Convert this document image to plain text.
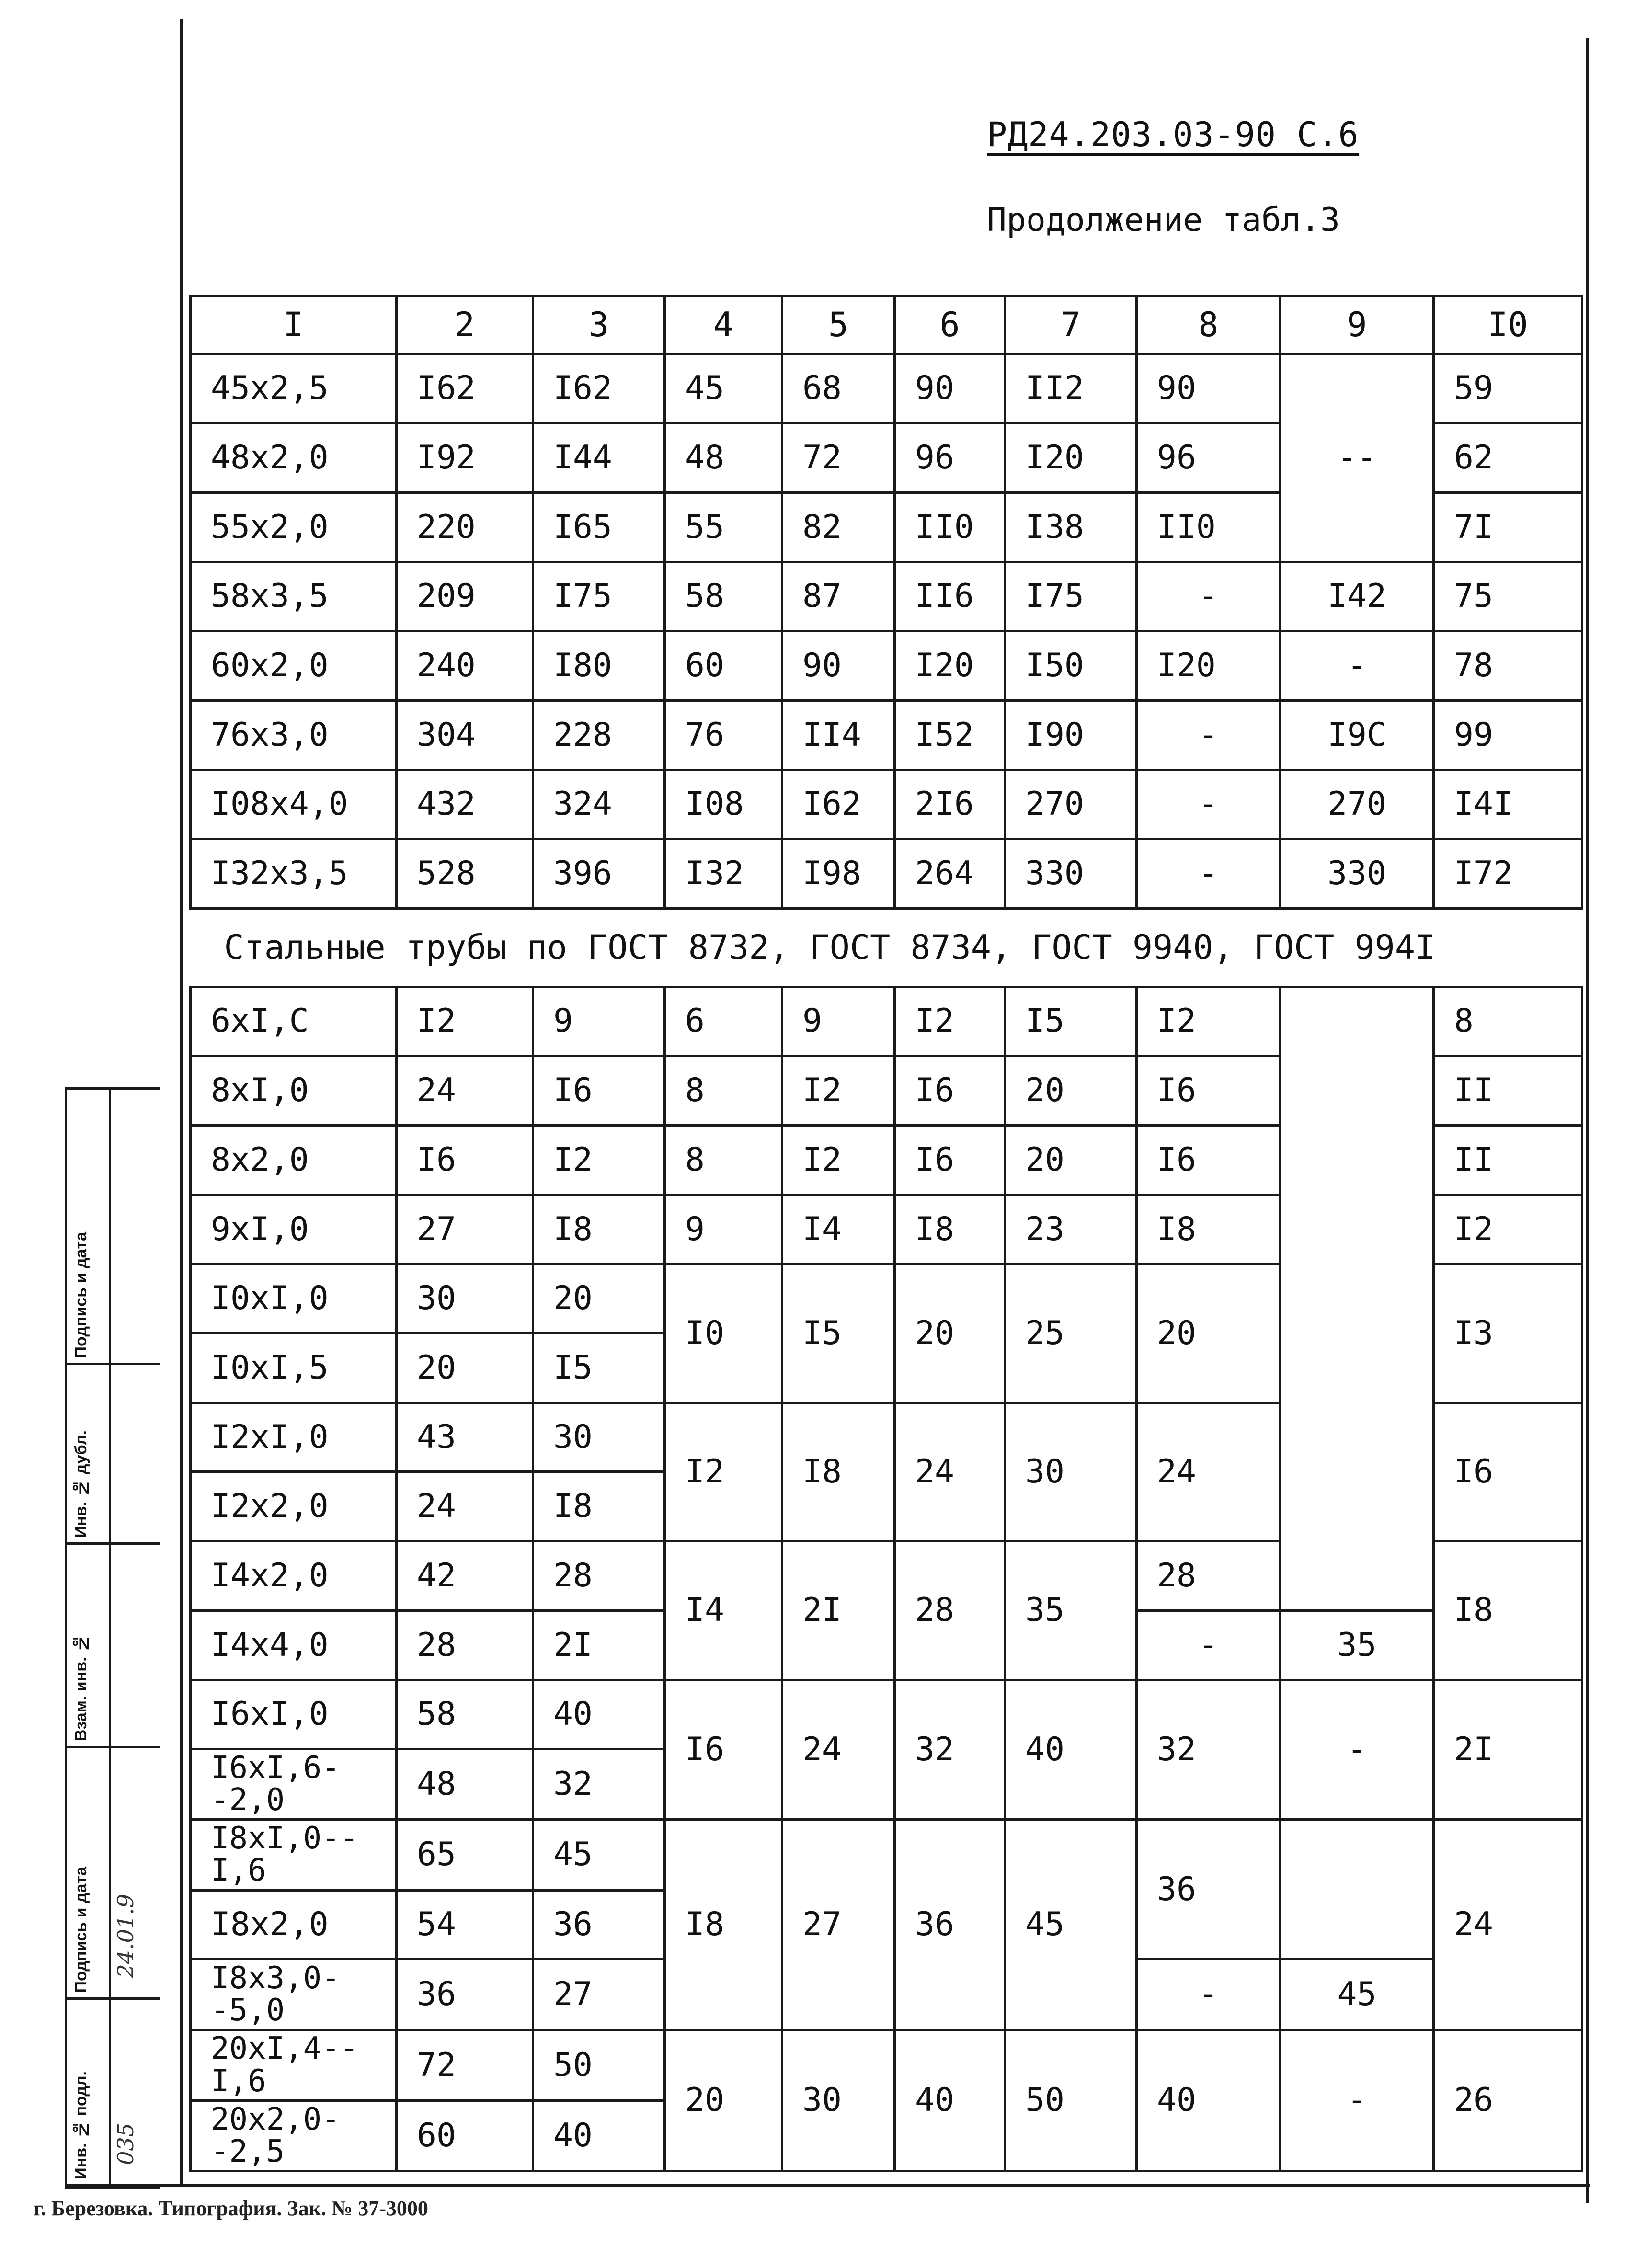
РД24.203.03-90 С.6
Продолжение табл.3
I	2	3	4	5	6	7	8	9	I0
45x2,5	I62	I62	45	68	90	II2	90	--	59
48x2,0	I92	I44	48	72	96	I20	96		62
55x2,0	220	I65	55	82	II0	I38	II0		7I
58x3,5	209	I75	58	87	II6	I75	-	I42	75
60x2,0	240	I80	60	90	I20	I50	I20	-	78
76x3,0	304	228	76	II4	I52	I90	-	I9C	99
I08x4,0	432	324	I08	I62	2I6	270	-	270	I4I
I32x3,5	528	396	I32	I98	264	330	-	330	I72
Стальные трубы по ГОСТ 8732, ГОСТ 8734, ГОСТ 9940, ГОСТ 994I									
6xI,C	I2	9	6	9	I2	I5	I2		8
8xI,0	24	I6	8	I2	I6	20	I6		II
8x2,0	I6	I2	8	I2	I6	20	I6		II
9xI,0	27	I8	9	I4	I8	23	I8		I2
I0xI,0	30	20	I0	I5	20	25	20		I3
I0xI,5	20	I5							
I2xI,0	43	30	I2	I8	24	30	24		I6
I2x2,0	24	I8							
I4x2,0	42	28	I4	2I	28	35	28		I8
I4x4,0	28	2I					-	35	
I6xI,0	58	40	I6	24	32	40	32	-	2I
I6xI,6--2,0	48	32							
I8xI,0--I,6	65	45	I8	27	36	45	36		24
I8x2,0	54	36							
I8x3,0--5,0	36	27					-	45	
20xI,4--I,6	72	50	20	30	40	50	40	-	26
20x2,0--2,5	60	40							
Подпись и дата
Инв. № дубл.
Взам. инв. №
Подпись и дата	24.01.9
Инв. № подл.	035
г. Березовка. Типография. Зак. № 37-3000
